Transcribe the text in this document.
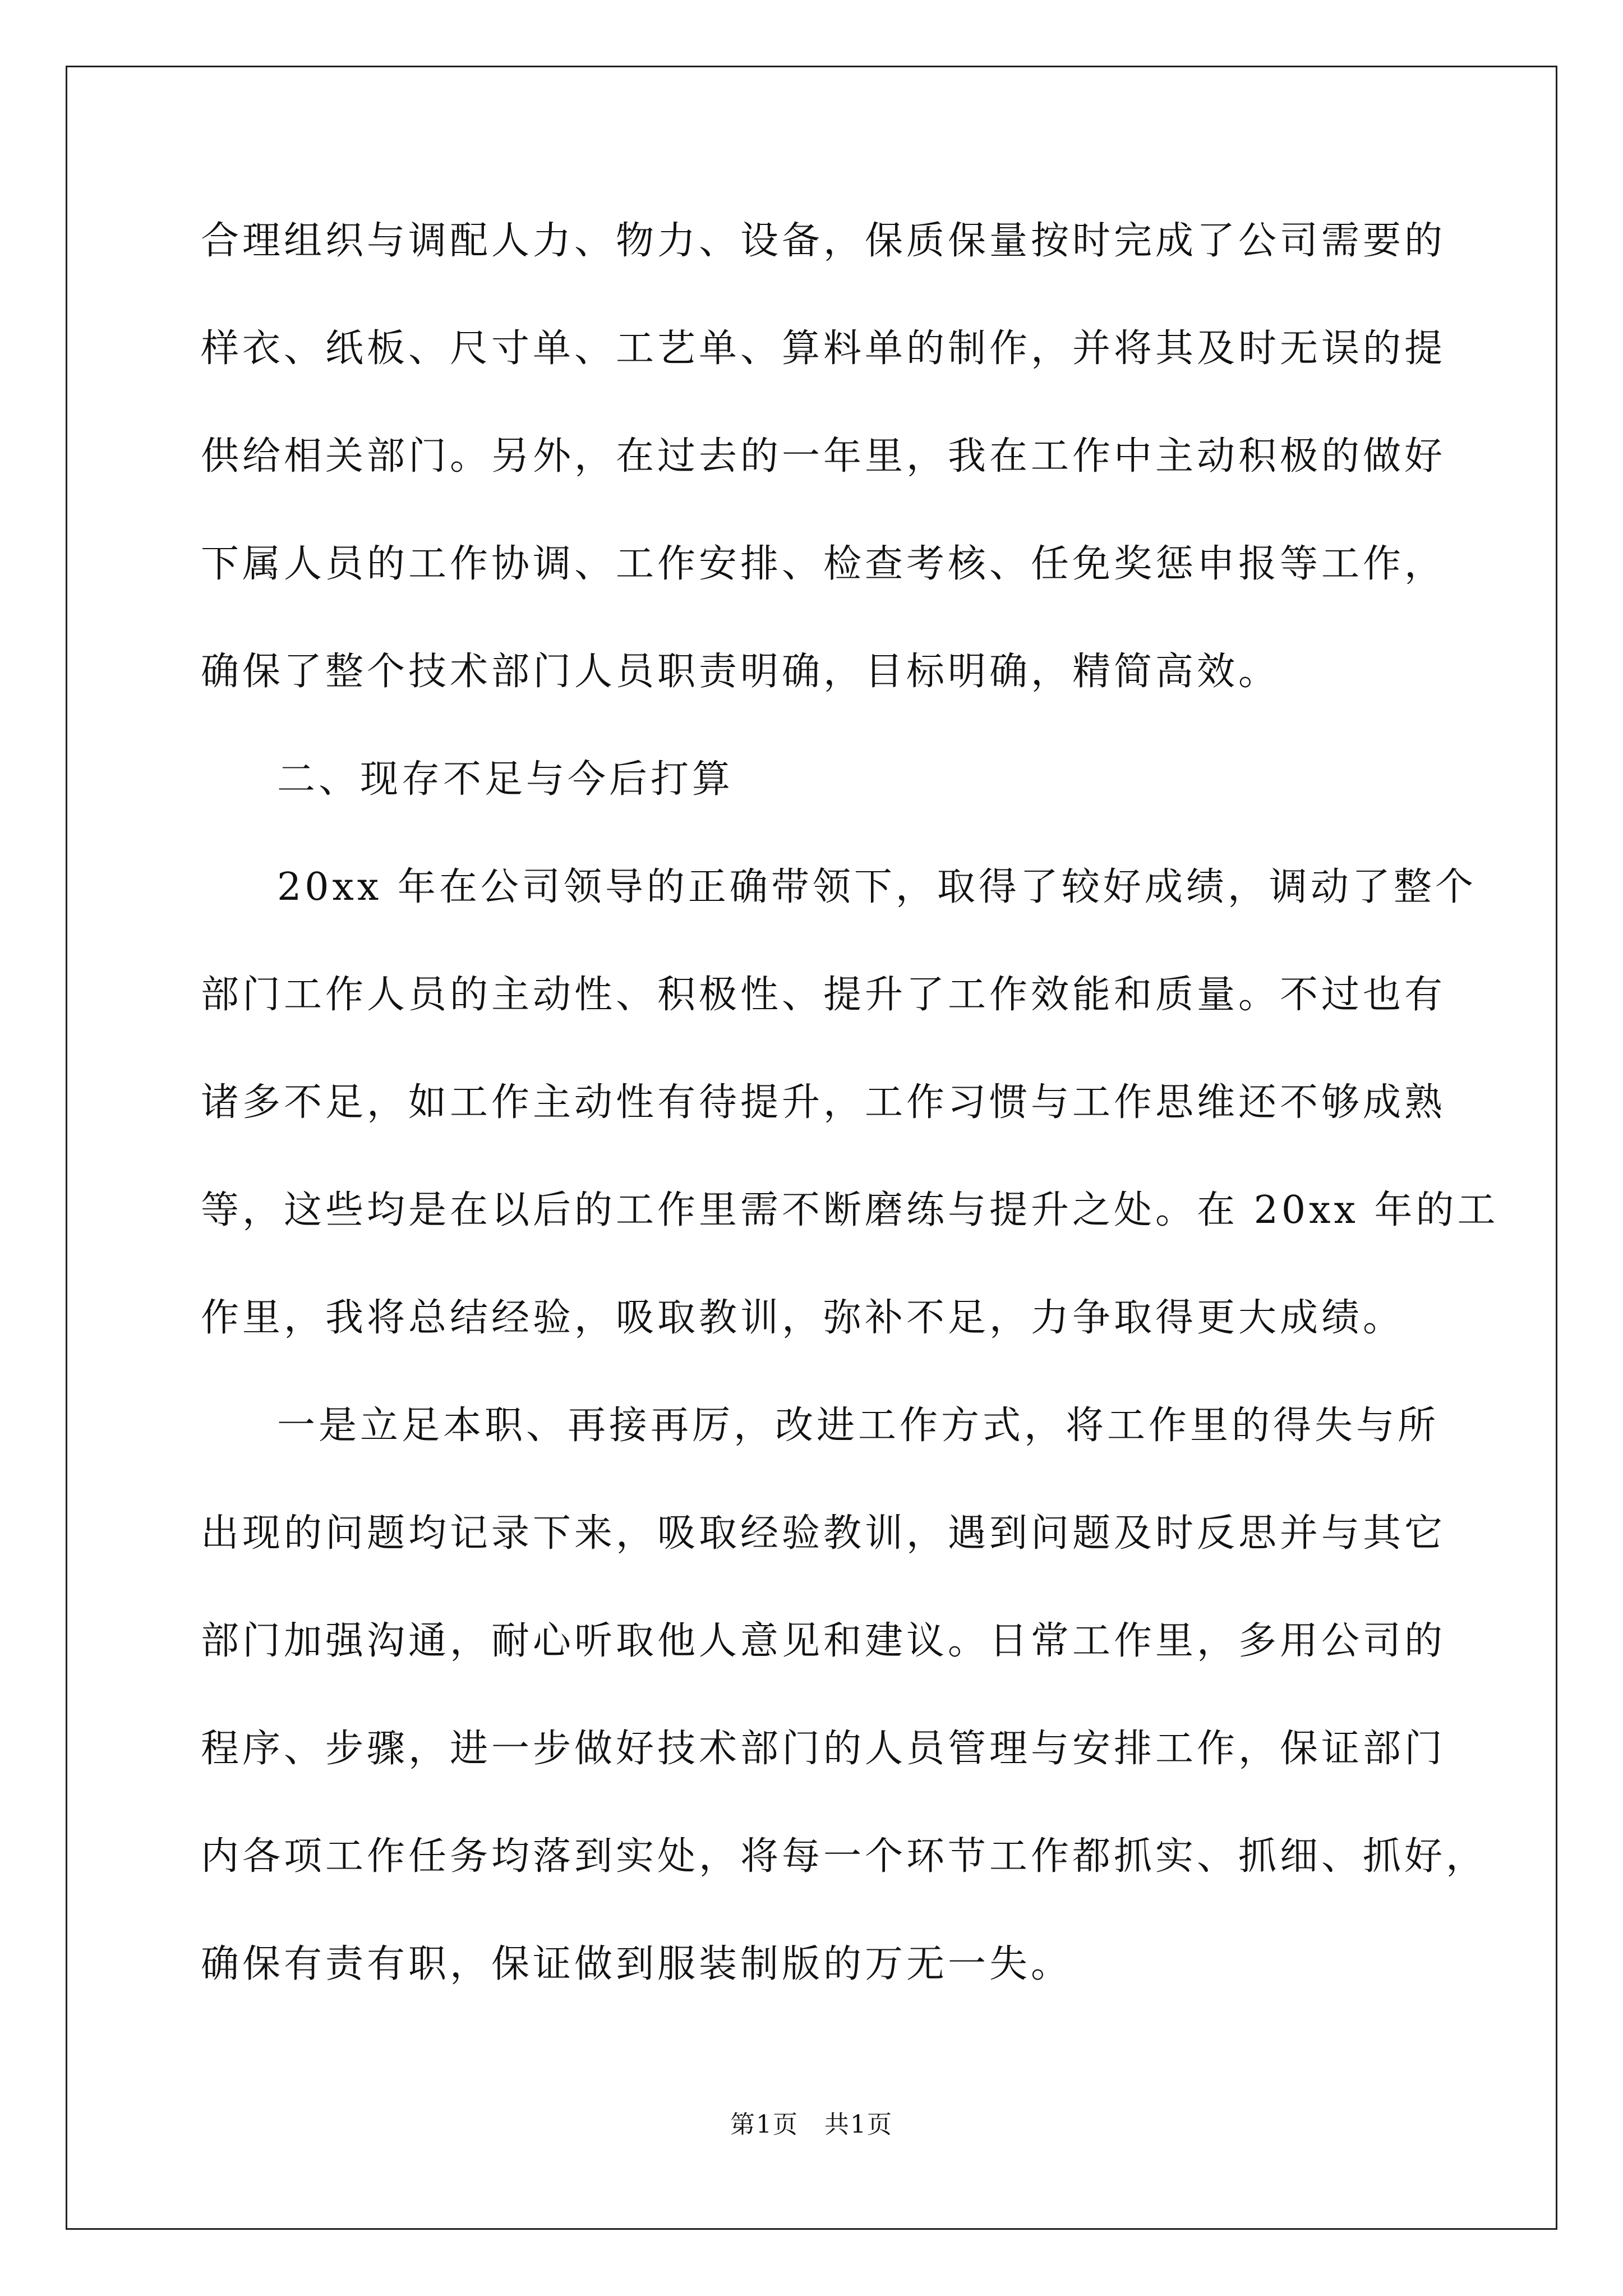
合理组织与调配人力、物力、设备，保质保量按时完成了公司需要的
样衣、纸板、尺寸单、工艺单、算料单的制作，并将其及时无误的提
供给相关部门。另外，在过去的一年里，我在工作中主动积极的做好
下属人员的工作协调、工作安排、检查考核、任免奖惩申报等工作，
确保了整个技术部门人员职责明确，目标明确，精简高效。
二、现存不足与今后打算
20xx 年在公司领导的正确带领下，取得了较好成绩，调动了整个
部门工作人员的主动性、积极性、提升了工作效能和质量。不过也有
诸多不足，如工作主动性有待提升，工作习惯与工作思维还不够成熟
等，这些均是在以后的工作里需不断磨练与提升之处。在 20xx 年的工
作里，我将总结经验，吸取教训，弥补不足，力争取得更大成绩。
一是立足本职、再接再厉，改进工作方式，将工作里的得失与所
出现的问题均记录下来，吸取经验教训，遇到问题及时反思并与其它
部门加强沟通，耐心听取他人意见和建议。日常工作里，多用公司的
程序、步骤，进一步做好技术部门的人员管理与安排工作，保证部门
内各项工作任务均落到实处，将每一个环节工作都抓实、抓细、抓好，
确保有责有职，保证做到服装制版的万无一失。
第1页 共1页
